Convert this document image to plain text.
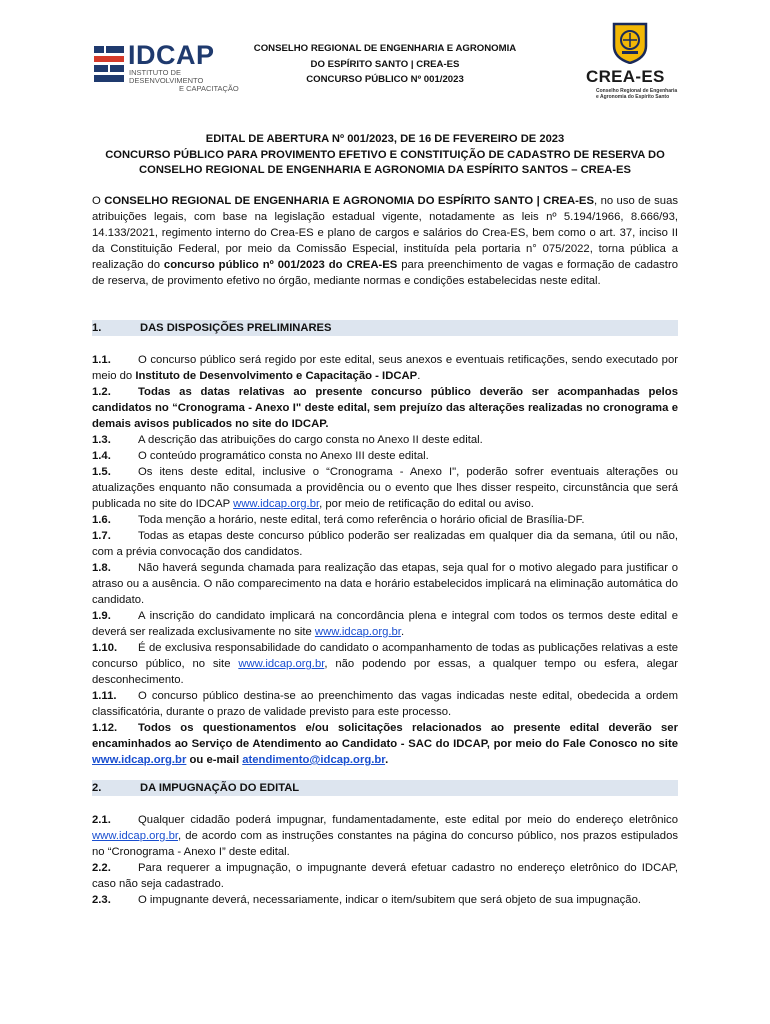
IDCAP
INSTITUTO DE DESENVOLVIMENTO
E CAPACITAÇÃO
CONSELHO REGIONAL DE ENGENHARIA E AGRONOMIA
DO ESPÍRITO SANTO | CREA-ES
CONCURSO PÚBLICO Nº 001/2023	CREA-ES
Conselho Regional de Engenharia
e Agronomia do Espírito Santo
EDITAL DE ABERTURA Nº 001/2023, DE 16 DE FEVEREIRO DE 2023
CONCURSO PÚBLICO PARA PROVIMENTO EFETIVO E CONSTITUIÇÃO DE CADASTRO DE RESERVA DO
CONSELHO REGIONAL DE ENGENHARIA E AGRONOMIA DA ESPÍRITO SANTOS – CREA-ES

O CONSELHO REGIONAL DE ENGENHARIA E AGRONOMIA DO ESPÍRITO SANTO | CREA-ES, no uso de suas atribuições legais, com base na legislação estadual vigente, notadamente as leis nº 5.194/1966, 8.666/93, 14.133/2021, regimento interno do Crea-ES e plano de cargos e salários do Crea-ES, bem como o art. 37, inciso II da Constituição Federal, por meio da Comissão Especial, instituída pela portaria n° 075/2022, torna pública a realização do concurso público nº 001/2023 do CREA-ES para preenchimento de vagas e formação de cadastro de reserva, de provimento efetivo no órgão, mediante normas e condições estabelecidas neste edital.

1.	DAS DISPOSIÇÕES PRELIMINARES

1.1. O concurso público será regido por este edital, seus anexos e eventuais retificações, sendo executado por meio do Instituto de Desenvolvimento e Capacitação - IDCAP.

1.2. Todas as datas relativas ao presente concurso público deverão ser acompanhadas pelos candidatos no “Cronograma - Anexo I" deste edital, sem prejuízo das alterações realizadas no cronograma e demais avisos publicados no site do IDCAP.

1.3. A descrição das atribuições do cargo consta no Anexo II deste edital.

1.4. O conteúdo programático consta no Anexo III deste edital.

1.5. Os itens deste edital, inclusive o “Cronograma - Anexo I", poderão sofrer eventuais alterações ou atualizações enquanto não consumada a providência ou o evento que lhes disser respeito, circunstância que será publicada no site do IDCAP www.idcap.org.br, por meio de retificação do edital ou aviso.

1.6. Toda menção a horário, neste edital, terá como referência o horário oficial de Brasília-DF.

1.7. Todas as etapas deste concurso público poderão ser realizadas em qualquer dia da semana, útil ou não, com a prévia convocação dos candidatos.

1.8. Não haverá segunda chamada para realização das etapas, seja qual for o motivo alegado para justificar o atraso ou a ausência. O não comparecimento na data e horário estabelecidos implicará na eliminação automática do candidato.

1.9. A inscrição do candidato implicará na concordância plena e integral com todos os termos deste edital e deverá ser realizada exclusivamente no site www.idcap.org.br.

1.10. É de exclusiva responsabilidade do candidato o acompanhamento de todas as publicações relativas a este concurso público, no site www.idcap.org.br, não podendo por essas, a qualquer tempo ou esfera, alegar desconhecimento.

1.11. O concurso público destina-se ao preenchimento das vagas indicadas neste edital, obedecida a ordem classificatória, durante o prazo de validade previsto para este processo.

1.12. Todos os questionamentos e/ou solicitações relacionados ao presente edital deverão ser encaminhados ao Serviço de Atendimento ao Candidato - SAC do IDCAP, por meio do Fale Conosco no site www.idcap.org.br ou e-mail atendimento@idcap.org.br.

2.	DA IMPUGNAÇÃO DO EDITAL

2.1. Qualquer cidadão poderá impugnar, fundamentadamente, este edital por meio do endereço eletrônico www.idcap.org.br, de acordo com as instruções constantes na página do concurso público, nos prazos estipulados no “Cronograma - Anexo I” deste edital.

2.2. Para requerer a impugnação, o impugnante deverá efetuar cadastro no endereço eletrônico do IDCAP, caso não seja cadastrado.

2.3. O impugnante deverá, necessariamente, indicar o item/subitem que será objeto de sua impugnação.
